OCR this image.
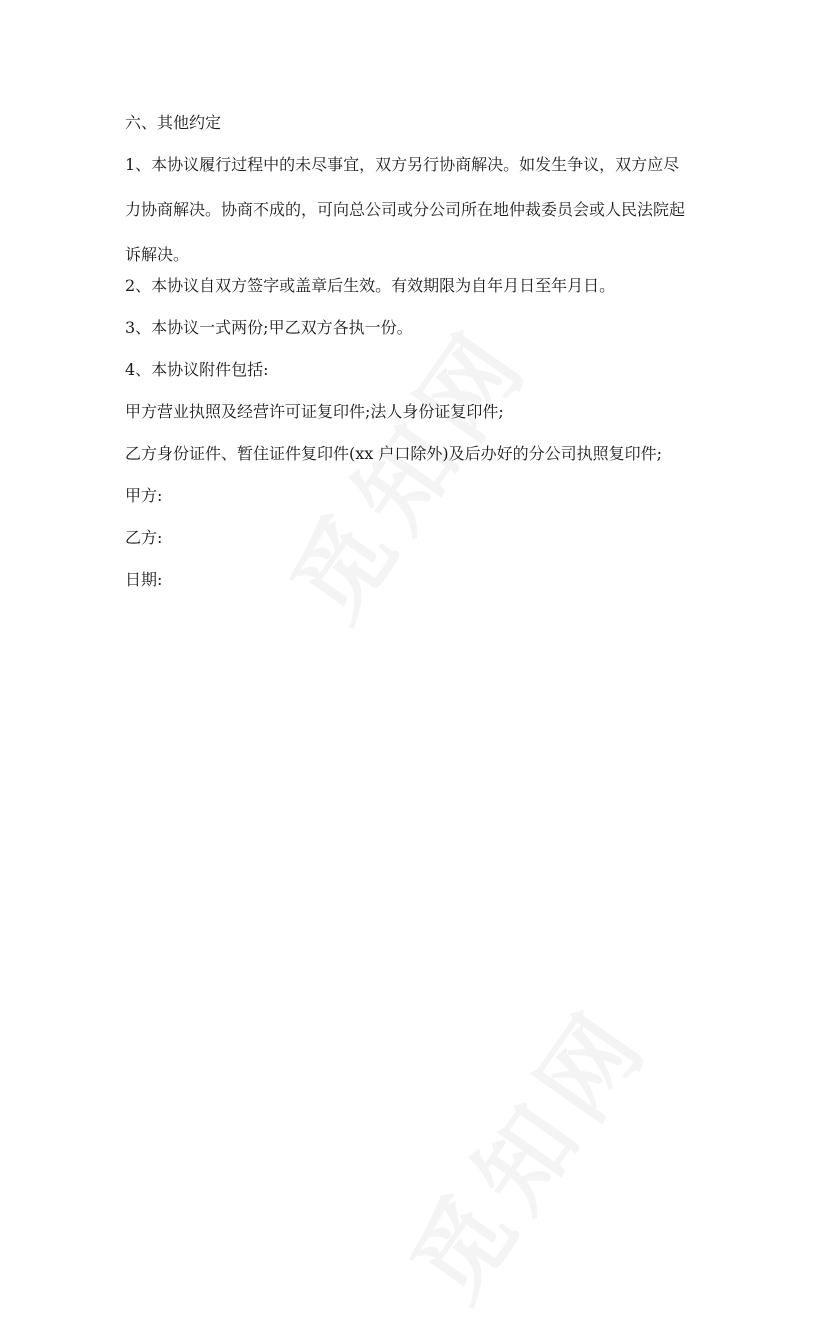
六、其他约定

1、本协议履行过程中的未尽事宜，双方另行协商解决。如发生争议，双方应尽
力协商解决。协商不成的，可向总公司或分公司所在地仲裁委员会或人民法院起
诉解决。

2、本协议自双方签字或盖章后生效。有效期限为自年月日至年月日。

3、本协议一式两份;甲乙双方各执一份。

4、本协议附件包括:

甲方营业执照及经营许可证复印件;法人身份证复印件;

乙方身份证件、暂住证件复印件(xx 户口除外)及后办好的分公司执照复印件;

甲方:

乙方:

日期:
